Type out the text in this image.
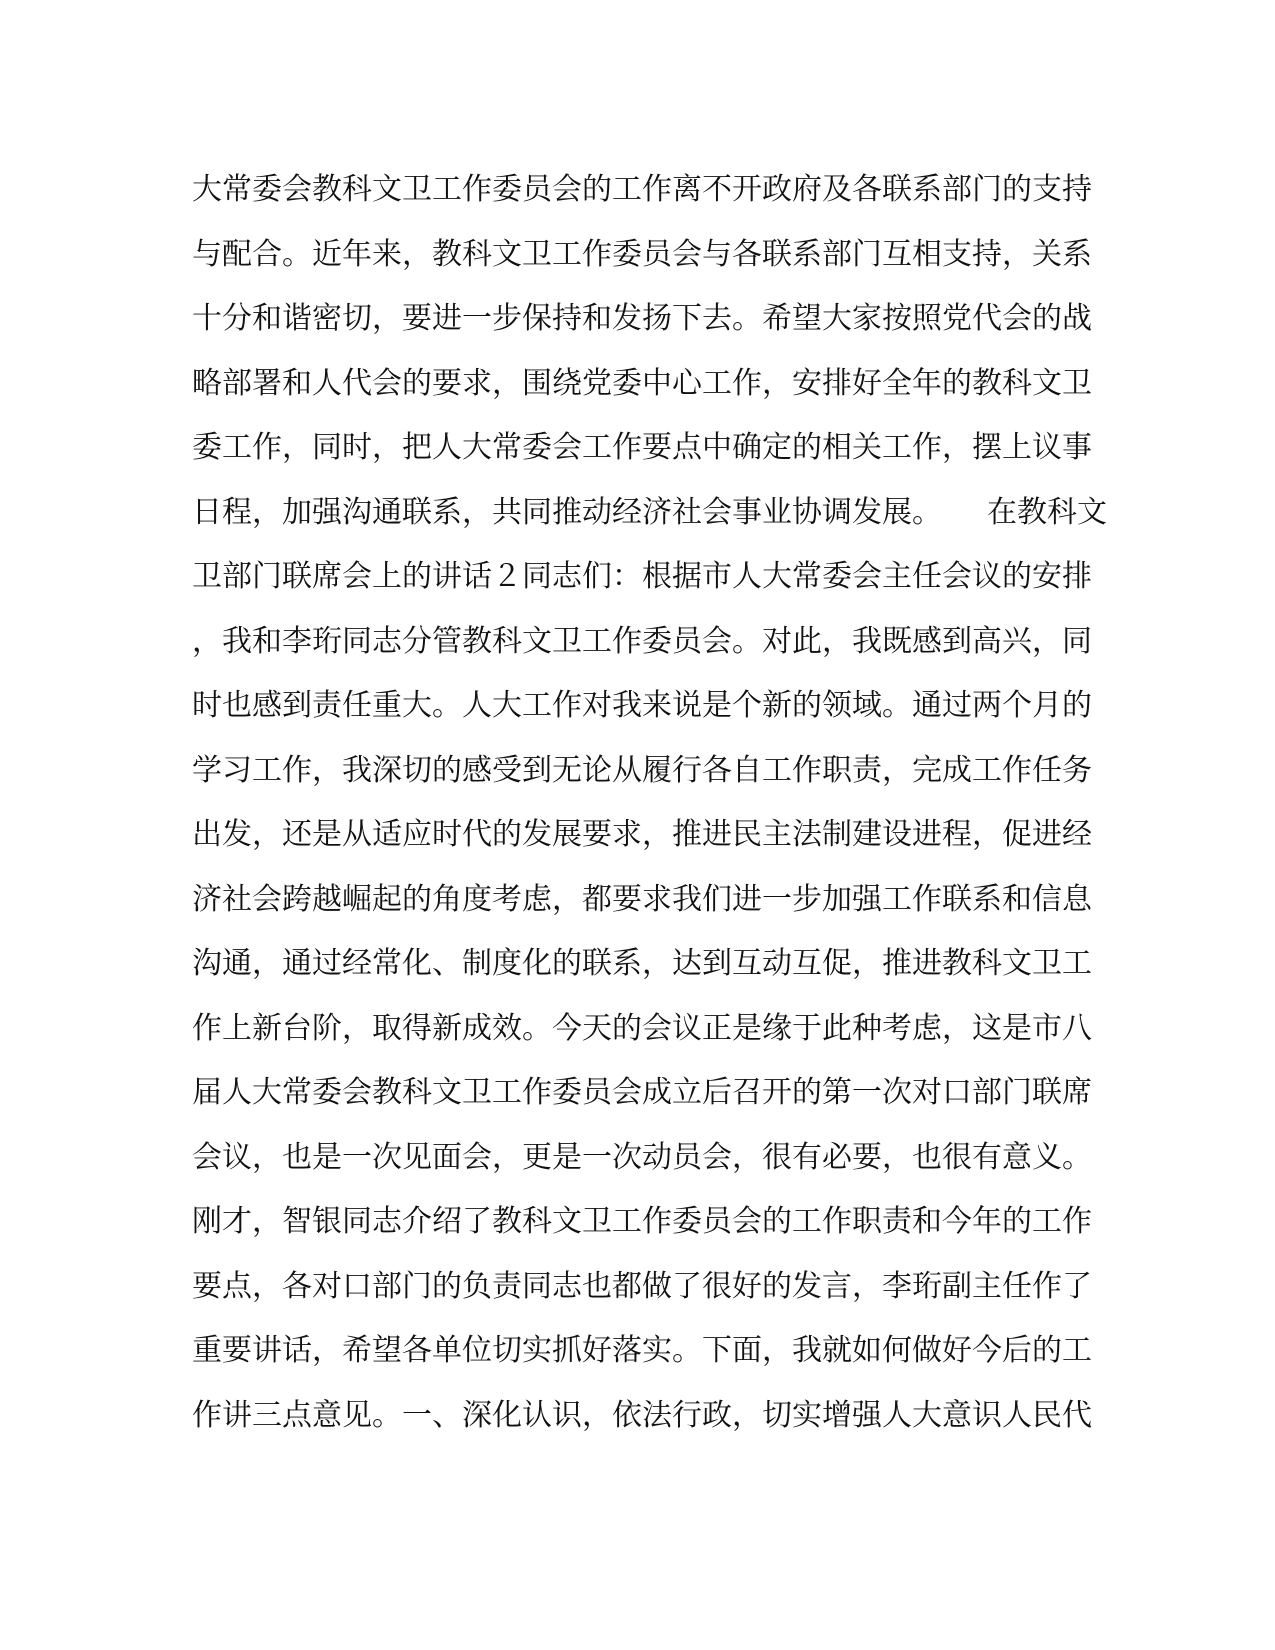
大常委会教科文卫工作委员会的工作离不开政府及各联系部门的支持
与配合。近年来，教科文卫工作委员会与各联系部门互相支持，关系
十分和谐密切，要进一步保持和发扬下去。希望大家按照党代会的战
略部署和人代会的要求，围绕党委中心工作，安排好全年的教科文卫
委工作，同时，把人大常委会工作要点中确定的相关工作，摆上议事
日程，加强沟通联系，共同推动经济社会事业协调发展。　　在教科文
卫部门联席会上的讲话２同志们：根据市人大常委会主任会议的安排
，我和李珩同志分管教科文卫工作委员会。对此，我既感到高兴，同
时也感到责任重大。人大工作对我来说是个新的领域。通过两个月的
学习工作，我深切的感受到无论从履行各自工作职责，完成工作任务
出发，还是从适应时代的发展要求，推进民主法制建设进程，促进经
济社会跨越崛起的角度考虑，都要求我们进一步加强工作联系和信息
沟通，通过经常化、制度化的联系，达到互动互促，推进教科文卫工
作上新台阶，取得新成效。今天的会议正是缘于此种考虑，这是市八
届人大常委会教科文卫工作委员会成立后召开的第一次对口部门联席
会议，也是一次见面会，更是一次动员会，很有必要，也很有意义。
刚才，智银同志介绍了教科文卫工作委员会的工作职责和今年的工作
要点，各对口部门的负责同志也都做了很好的发言，李珩副主任作了
重要讲话，希望各单位切实抓好落实。下面，我就如何做好今后的工
作讲三点意见。一、深化认识，依法行政，切实增强人大意识人民代
